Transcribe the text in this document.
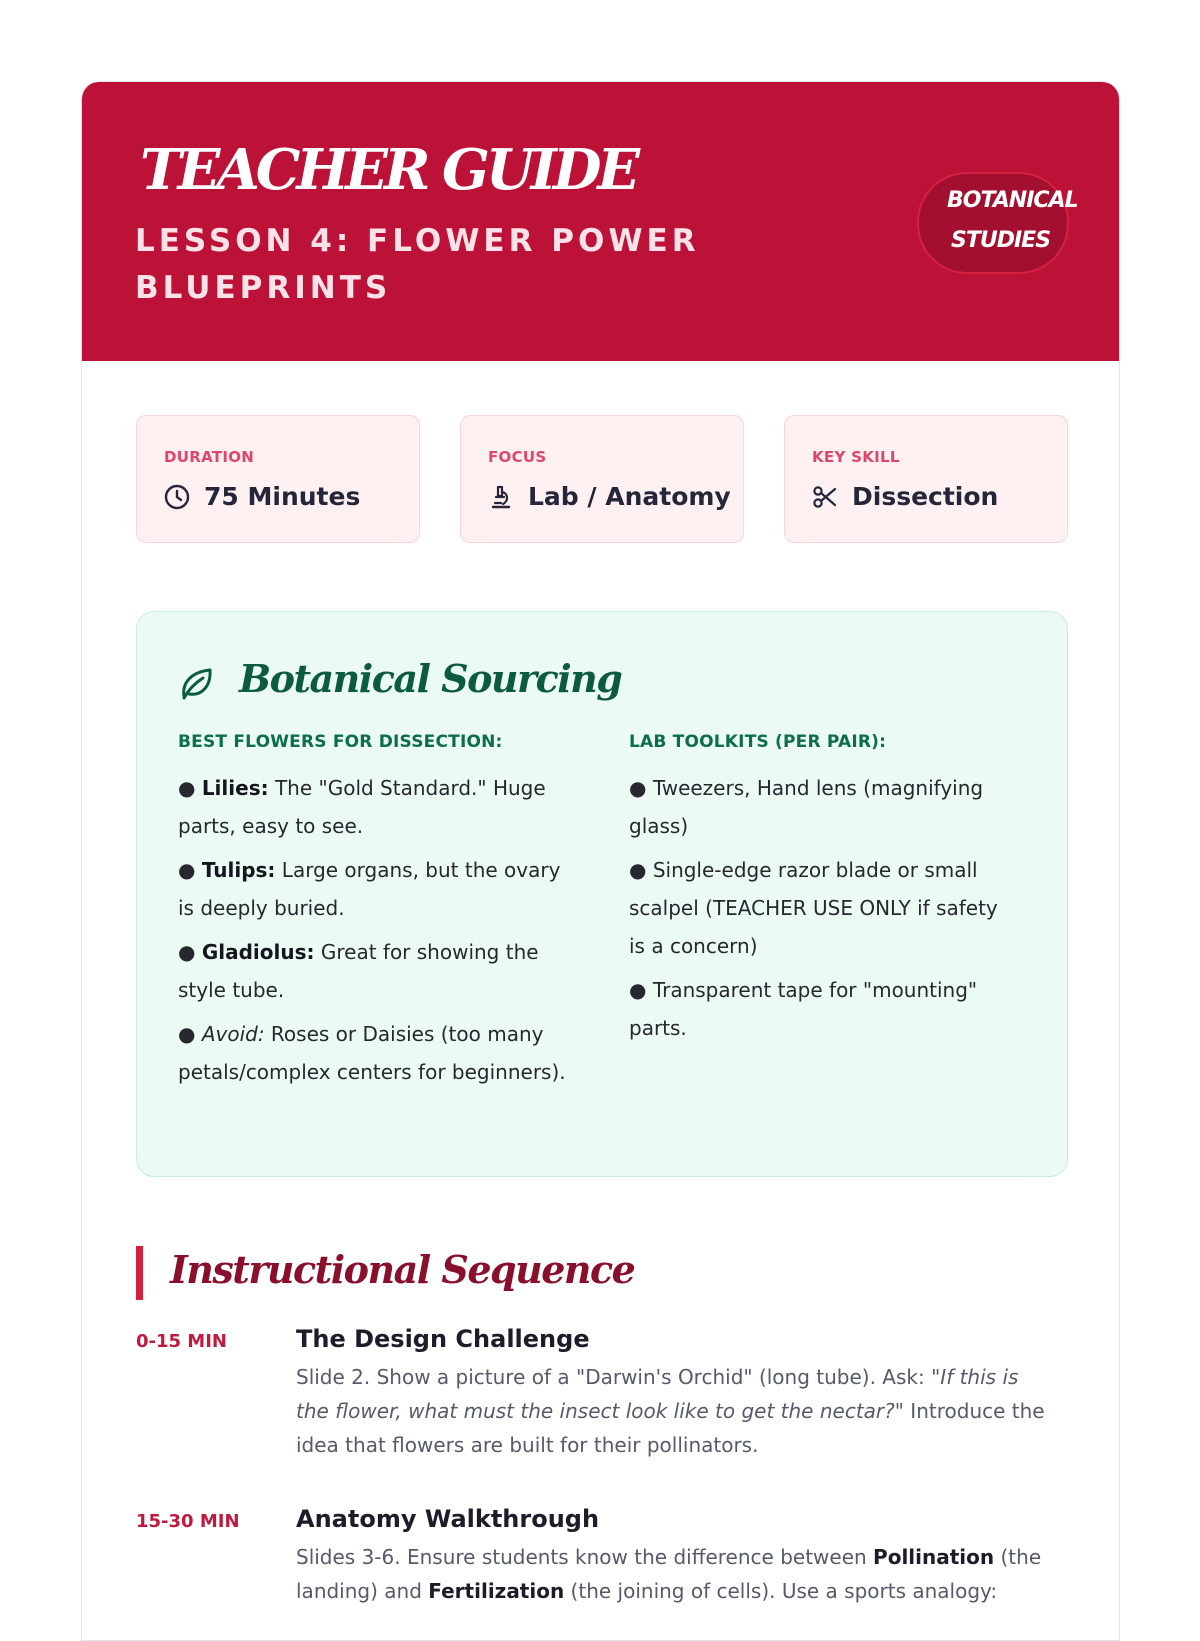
TEACHER GUIDE
LESSON 4: FLOWER POWER BLUEPRINTS
BOTANICAL
STUDIES
DURATION
75 Minutes
FOCUS
Lab / Anatomy
KEY SKILL
Dissection
Botanical Sourcing
BEST FLOWERS FOR DISSECTION:

● Lilies: The "Gold Standard." Huge parts, easy to see.

● Tulips: Large organs, but the ovary is deeply buried.

● Gladiolus: Great for showing the style tube.

● Avoid: Roses or Daisies (too many petals/complex centers for beginners).

LAB TOOLKITS (PER PAIR):

● Tweezers, Hand lens (magnifying glass)

● Single-edge razor blade or small scalpel (TEACHER USE ONLY if safety is a concern)

● Transparent tape for "mounting" parts.

Instructional Sequence
0-15 MIN	The Design Challenge
Slide 2. Show a picture of a "Darwin's Orchid" (long tube). Ask: "If this is the flower, what must the insect look like to get the nectar?" Introduce the idea that flowers are built for their pollinators.
15-30 MIN Anatomy Walkthrough
Slides 3-6. Ensure students know the difference between Pollination (the landing) and Fertilization (the joining of cells). Use a sports analogy:
